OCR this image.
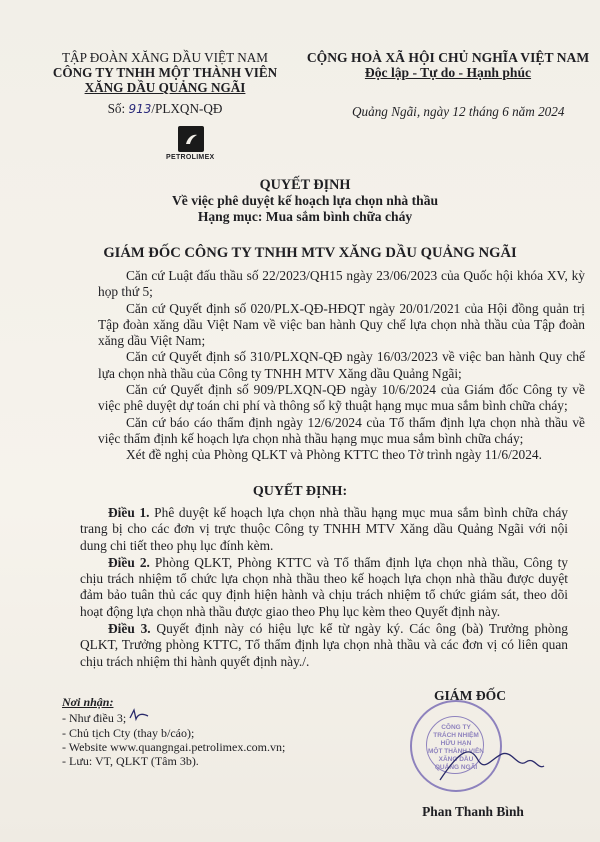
TẬP ĐOÀN XĂNG DẦU VIỆT NAM
CÔNG TY TNHH MỘT THÀNH VIÊN
XĂNG DẦU QUẢNG NGÃI
Số: 913/PLXQN-QĐ
PETROLIMEX
CỘNG HOÀ XÃ HỘI CHỦ NGHĨA VIỆT NAM
Độc lập - Tự do - Hạnh phúc
Quảng Ngãi, ngày 12 tháng 6 năm 2024
QUYẾT ĐỊNH
Về việc phê duyệt kế hoạch lựa chọn nhà thầu
Hạng mục: Mua sắm bình chữa cháy
GIÁM ĐỐC CÔNG TY TNHH MTV XĂNG DẦU QUẢNG NGÃI

Căn cứ Luật đấu thầu số 22/2023/QH15 ngày 23/06/2023 của Quốc hội khóa XV, kỳ họp thứ 5;

Căn cứ Quyết định số 020/PLX-QĐ-HĐQT ngày 20/01/2021 của Hội đồng quản trị Tập đoàn xăng dầu Việt Nam về việc ban hành Quy chế lựa chọn nhà thầu của Tập đoàn xăng dầu Việt Nam;

Căn cứ Quyết định số 310/PLXQN-QĐ ngày 16/03/2023 về việc ban hành Quy chế lựa chọn nhà thầu của Công ty TNHH MTV Xăng dầu Quảng Ngãi;

Căn cứ Quyết định số 909/PLXQN-QĐ ngày 10/6/2024 của Giám đốc Công ty về việc phê duyệt dự toán chi phí và thông số kỹ thuật hạng mục mua sắm bình chữa cháy;

Căn cứ báo cáo thẩm định ngày 12/6/2024 của Tổ thẩm định lựa chọn nhà thầu về việc thẩm định kế hoạch lựa chọn nhà thầu hạng mục mua sắm bình chữa cháy;

Xét đề nghị của Phòng QLKT và Phòng KTTC theo Tờ trình ngày 11/6/2024.

QUYẾT ĐỊNH:

Điều 1. Phê duyệt kế hoạch lựa chọn nhà thầu hạng mục mua sắm bình chữa cháy trang bị cho các đơn vị trực thuộc Công ty TNHH MTV Xăng dầu Quảng Ngãi với nội dung chi tiết theo phụ lục đính kèm.

Điều 2. Phòng QLKT, Phòng KTTC và Tổ thẩm định lựa chọn nhà thầu, Công ty chịu trách nhiệm tổ chức lựa chọn nhà thầu theo kế hoạch lựa chọn nhà thầu được duyệt đảm bảo tuân thủ các quy định hiện hành và chịu trách nhiệm tổ chức giám sát, theo dõi hoạt động lựa chọn nhà thầu được giao theo Phụ lục kèm theo Quyết định này.

Điều 3. Quyết định này có hiệu lực kể từ ngày ký. Các ông (bà) Trưởng phòng QLKT, Trưởng phòng KTTC, Tổ thẩm định lựa chọn nhà thầu và các đơn vị có liên quan chịu trách nhiệm thi hành quyết định này./.

Nơi nhận:
- Như điều 3;
- Chủ tịch Cty (thay b/cáo);
- Website www.quangngai.petrolimex.com.vn;
- Lưu: VT, QLKT (Tâm 3b).
GIÁM ĐỐC
CÔNG TY
TRÁCH NHIỆM
HỮU HẠN
MỘT THÀNH VIÊN
XĂNG DẦU
QUẢNG NGÃI
Phan Thanh Bình
